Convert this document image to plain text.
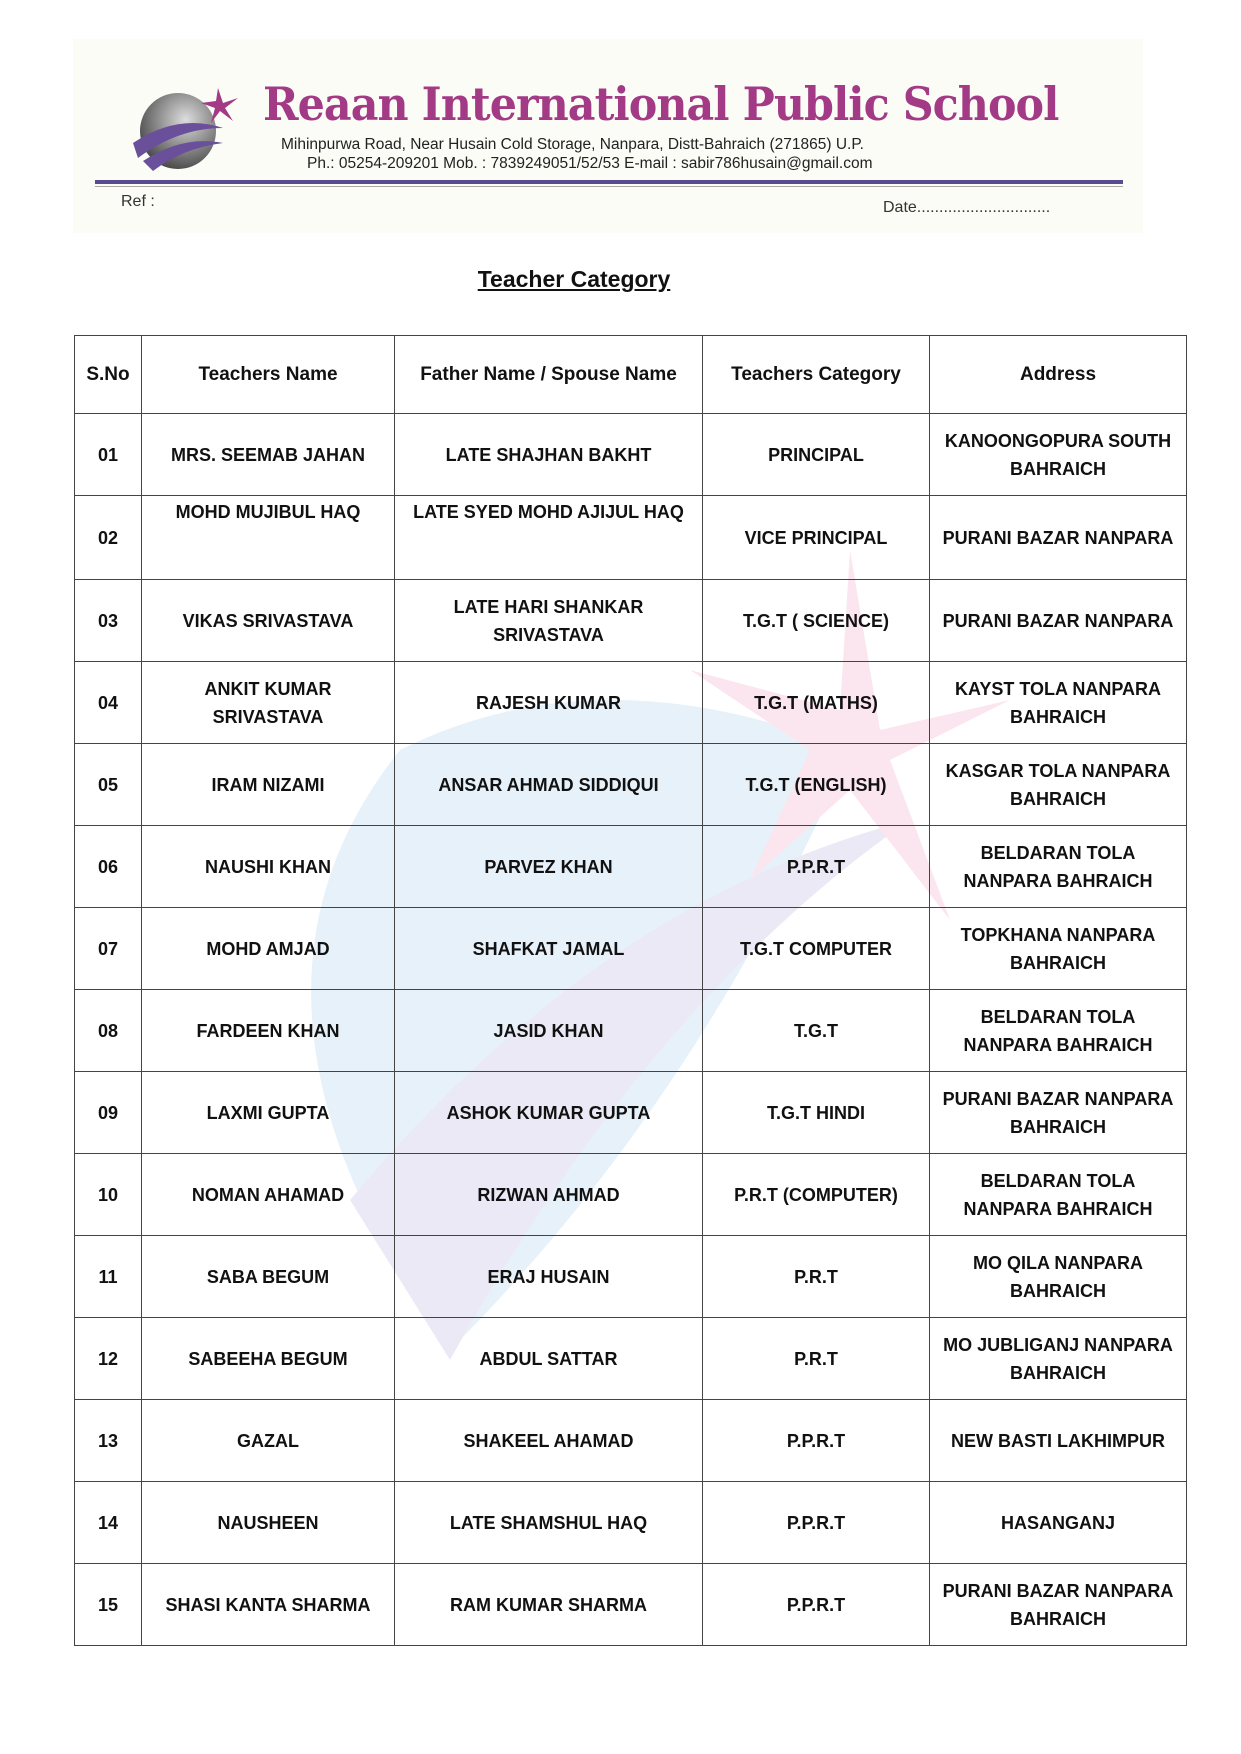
Reaan International Public School
Mihinpurwa Road, Near Husain Cold Storage, Nanpara, Distt-Bahraich (271865) U.P.
Ph.: 05254-209201 Mob. : 7839249051/52/53 E-mail : sabir786husain@gmail.com
Ref :	Date..............................
Teacher Category
S.No	Teachers Name	Father Name / Spouse Name	Teachers Category	Address
01	MRS. SEEMAB JAHAN	LATE SHAJHAN BAKHT	PRINCIPAL	KANOONGOPURA SOUTH BAHRAICH
02	MOHD MUJIBUL HAQ	LATE SYED MOHD AJIJUL HAQ	VICE PRINCIPAL	PURANI BAZAR NANPARA
03	VIKAS SRIVASTAVA	LATE HARI SHANKAR SRIVASTAVA	T.G.T ( SCIENCE)	PURANI BAZAR NANPARA
04	ANKIT KUMAR SRIVASTAVA	RAJESH KUMAR	T.G.T (MATHS)	KAYST TOLA NANPARA BAHRAICH
05	IRAM NIZAMI	ANSAR AHMAD SIDDIQUI	T.G.T (ENGLISH)	KASGAR TOLA NANPARA BAHRAICH
06	NAUSHI KHAN	PARVEZ KHAN	P.P.R.T	BELDARAN TOLA NANPARA BAHRAICH
07	MOHD AMJAD	SHAFKAT JAMAL	T.G.T COMPUTER	TOPKHANA NANPARA BAHRAICH
08	FARDEEN KHAN	JASID KHAN	T.G.T	BELDARAN TOLA NANPARA BAHRAICH
09	LAXMI GUPTA	ASHOK KUMAR GUPTA	T.G.T HINDI	PURANI BAZAR NANPARA BAHRAICH
10	NOMAN AHAMAD	RIZWAN AHMAD	P.R.T (COMPUTER)	BELDARAN TOLA NANPARA BAHRAICH
11	SABA BEGUM	ERAJ HUSAIN	P.R.T	MO QILA NANPARA BAHRAICH
12	SABEEHA BEGUM	ABDUL SATTAR	P.R.T	MO JUBLIGANJ NANPARA BAHRAICH
13	GAZAL	SHAKEEL AHAMAD	P.P.R.T	NEW BASTI LAKHIMPUR
14	NAUSHEEN	LATE SHAMSHUL HAQ	P.P.R.T	HASANGANJ
15	SHASI KANTA SHARMA	RAM KUMAR SHARMA	P.P.R.T	PURANI BAZAR NANPARA BAHRAICH
